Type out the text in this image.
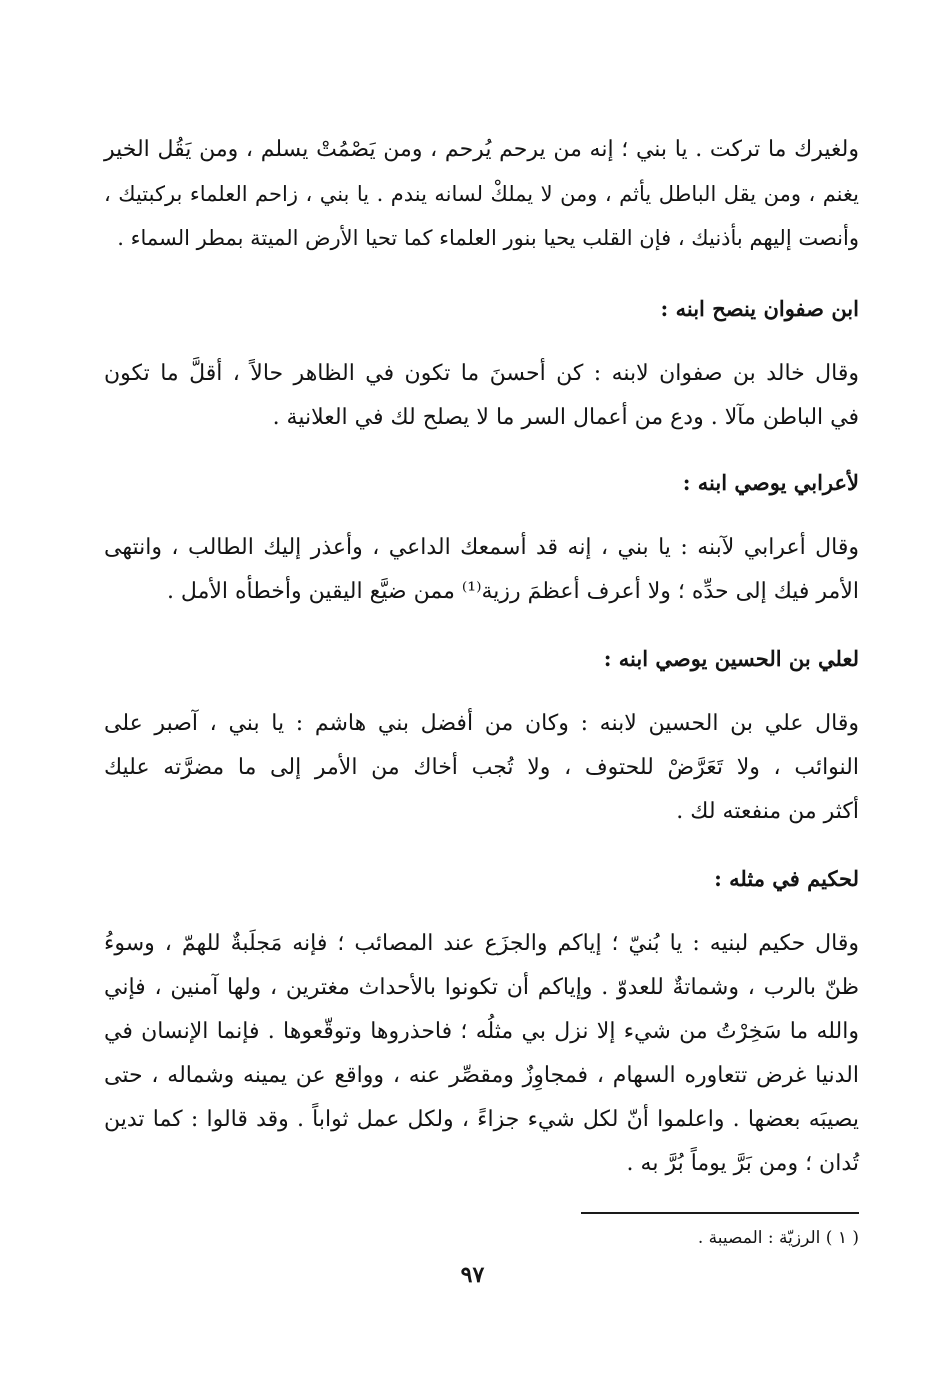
ولغيرك ما تركت . يا بني ؛ إنه من يرحم يُرحم ، ومن يَصْمُتْ يسلم ، ومن يَقُل الخير
يغنم ، ومن يقل الباطل يأثم ، ومن لا يملكْ لسانه يندم . يا بني ، زاحم العلماء بركبتيك ،
وأنصت إليهم بأذنيك ، فإن القلب يحيا بنور العلماء كما تحيا الأرض الميتة بمطر السماء .
ابن صفوان ينصح ابنه :
وقال خالد بن صفوان لابنه : كن أحسنَ ما تكون في الظاهر حالاً ، أقلَّ ما تكون
في الباطن مآلا . ودع من أعمال السر ما لا يصلح لك في العلانية .
لأعرابي يوصي ابنه :
وقال أعرابي لآبنه : يا بني ، إنه قد أسمعك الداعي ، وأعذر إليك الطالب ، وانتهى
الأمر فيك إلى حدِّه ؛ ولا أعرف أعظمَ رزية⁽¹⁾ ممن ضيَّع اليقين وأخطأه الأمل .
لعلي بن الحسين يوصي ابنه :
وقال علي بن الحسين لابنه : وكان من أفضل بني هاشم : يا بني ، آصبر على
النوائب ، ولا تَعَرَّضْ للحتوف ، ولا تُجب أخاك من الأمر إلى ما مضرَّته عليك
أكثر من منفعته لك .
لحكيم في مثله :
وقال حكيم لبنيه : يا بُنيّ ؛ إياكم والجزَع عند المصائب ؛ فإنه مَجلَبةٌ للهمّ ، وسوءُ
ظنّ بالرب ، وشماتةٌ للعدوّ . وإياكم أن تكونوا بالأحداث مغترين ، ولها آمنين ، فإني
والله ما سَخِرْتُ من شيء إلا نزل بي مثلُه ؛ فاحذروها وتوقّعوها . فإنما الإنسان في
الدنيا غرض تتعاوره السهام ، فمجاوِزٌ ومقصِّر عنه ، وواقع عن يمينه وشماله ، حتى
يصيبَه بعضها . واعلموا أنّ لكل شيء جزاءً ، ولكل عمل ثواباً . وقد قالوا : كما تدين
تُدان ؛ ومن بَرَّ يوماً بُرَّ به .
( ١ ) الرزيّة : المصيبة .
٩٧
